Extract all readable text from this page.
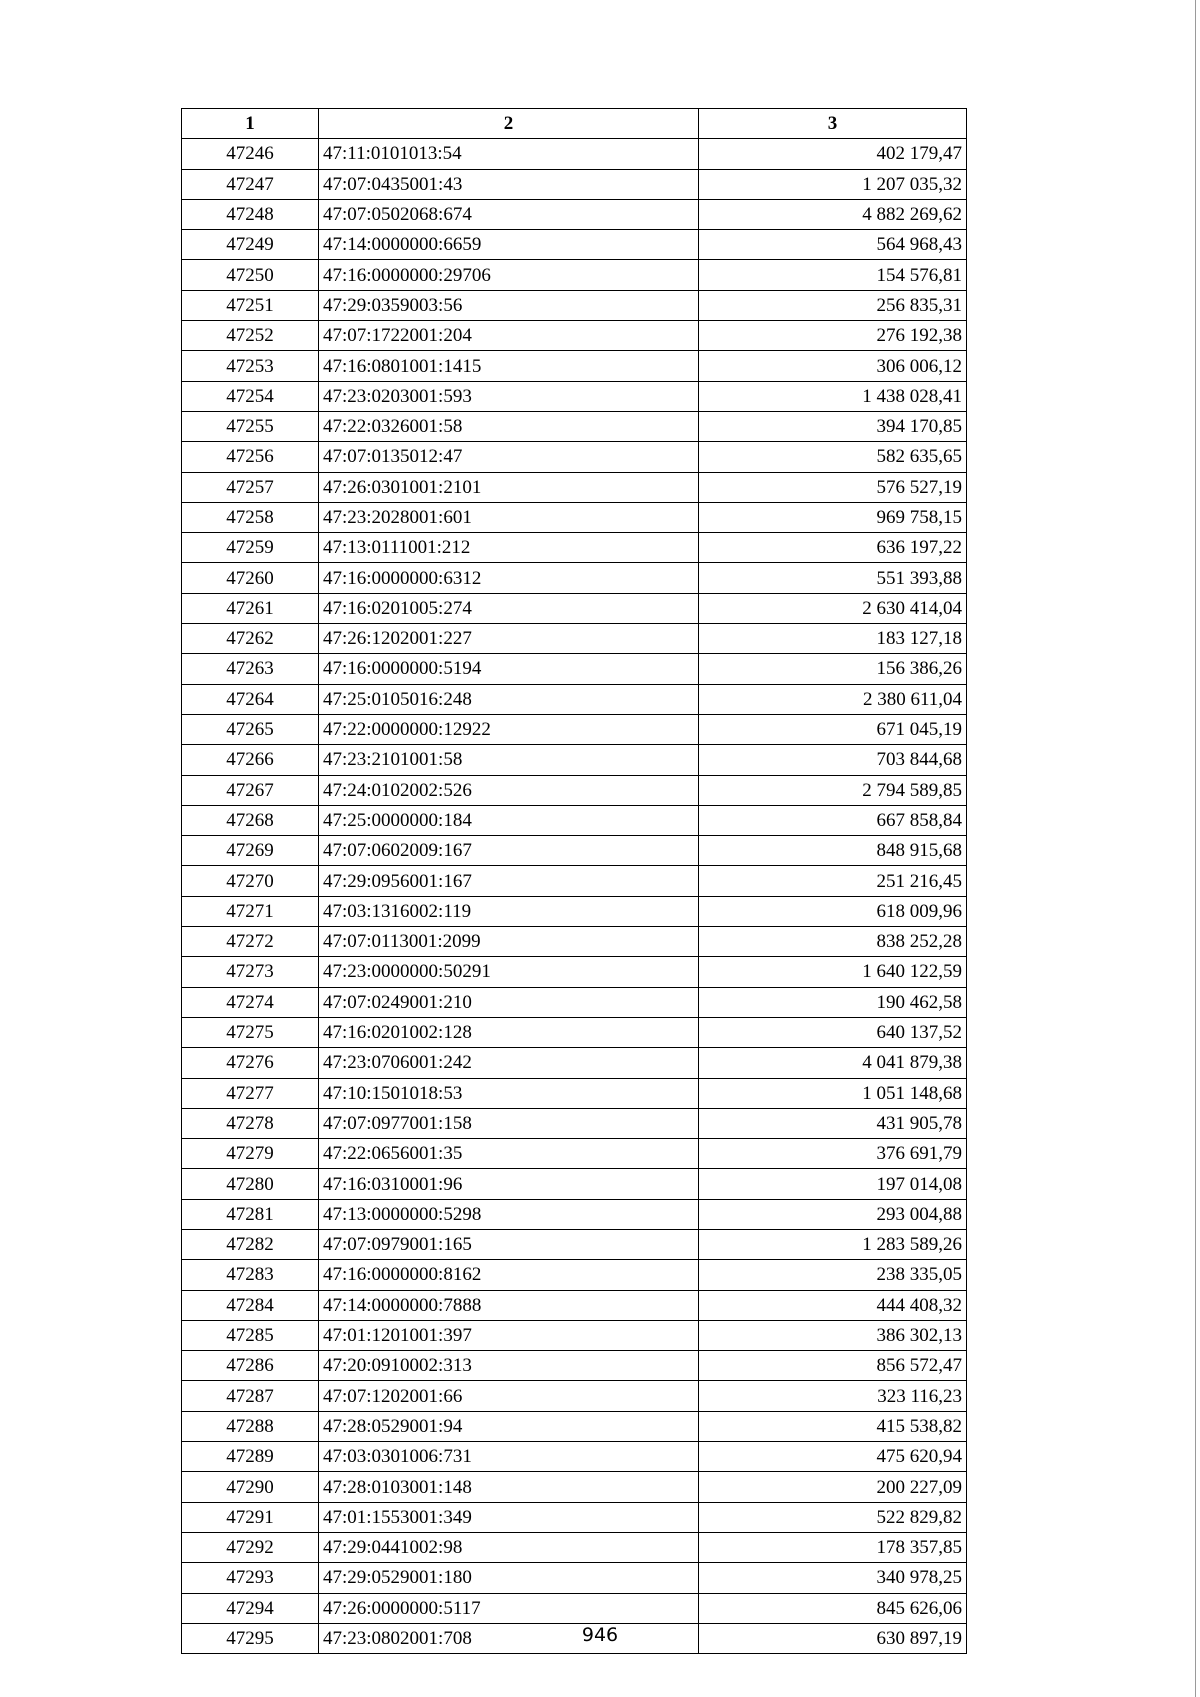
1	2	3
47246	47:11:0101013:54	402 179,47
47247	47:07:0435001:43	1 207 035,32
47248	47:07:0502068:674	4 882 269,62
47249	47:14:0000000:6659	564 968,43
47250	47:16:0000000:29706	154 576,81
47251	47:29:0359003:56	256 835,31
47252	47:07:1722001:204	276 192,38
47253	47:16:0801001:1415	306 006,12
47254	47:23:0203001:593	1 438 028,41
47255	47:22:0326001:58	394 170,85
47256	47:07:0135012:47	582 635,65
47257	47:26:0301001:2101	576 527,19
47258	47:23:2028001:601	969 758,15
47259	47:13:0111001:212	636 197,22
47260	47:16:0000000:6312	551 393,88
47261	47:16:0201005:274	2 630 414,04
47262	47:26:1202001:227	183 127,18
47263	47:16:0000000:5194	156 386,26
47264	47:25:0105016:248	2 380 611,04
47265	47:22:0000000:12922	671 045,19
47266	47:23:2101001:58	703 844,68
47267	47:24:0102002:526	2 794 589,85
47268	47:25:0000000:184	667 858,84
47269	47:07:0602009:167	848 915,68
47270	47:29:0956001:167	251 216,45
47271	47:03:1316002:119	618 009,96
47272	47:07:0113001:2099	838 252,28
47273	47:23:0000000:50291	1 640 122,59
47274	47:07:0249001:210	190 462,58
47275	47:16:0201002:128	640 137,52
47276	47:23:0706001:242	4 041 879,38
47277	47:10:1501018:53	1 051 148,68
47278	47:07:0977001:158	431 905,78
47279	47:22:0656001:35	376 691,79
47280	47:16:0310001:96	197 014,08
47281	47:13:0000000:5298	293 004,88
47282	47:07:0979001:165	1 283 589,26
47283	47:16:0000000:8162	238 335,05
47284	47:14:0000000:7888	444 408,32
47285	47:01:1201001:397	386 302,13
47286	47:20:0910002:313	856 572,47
47287	47:07:1202001:66	323 116,23
47288	47:28:0529001:94	415 538,82
47289	47:03:0301006:731	475 620,94
47290	47:28:0103001:148	200 227,09
47291	47:01:1553001:349	522 829,82
47292	47:29:0441002:98	178 357,85
47293	47:29:0529001:180	340 978,25
47294	47:26:0000000:5117	845 626,06
47295	47:23:0802001:708	630 897,19
946
